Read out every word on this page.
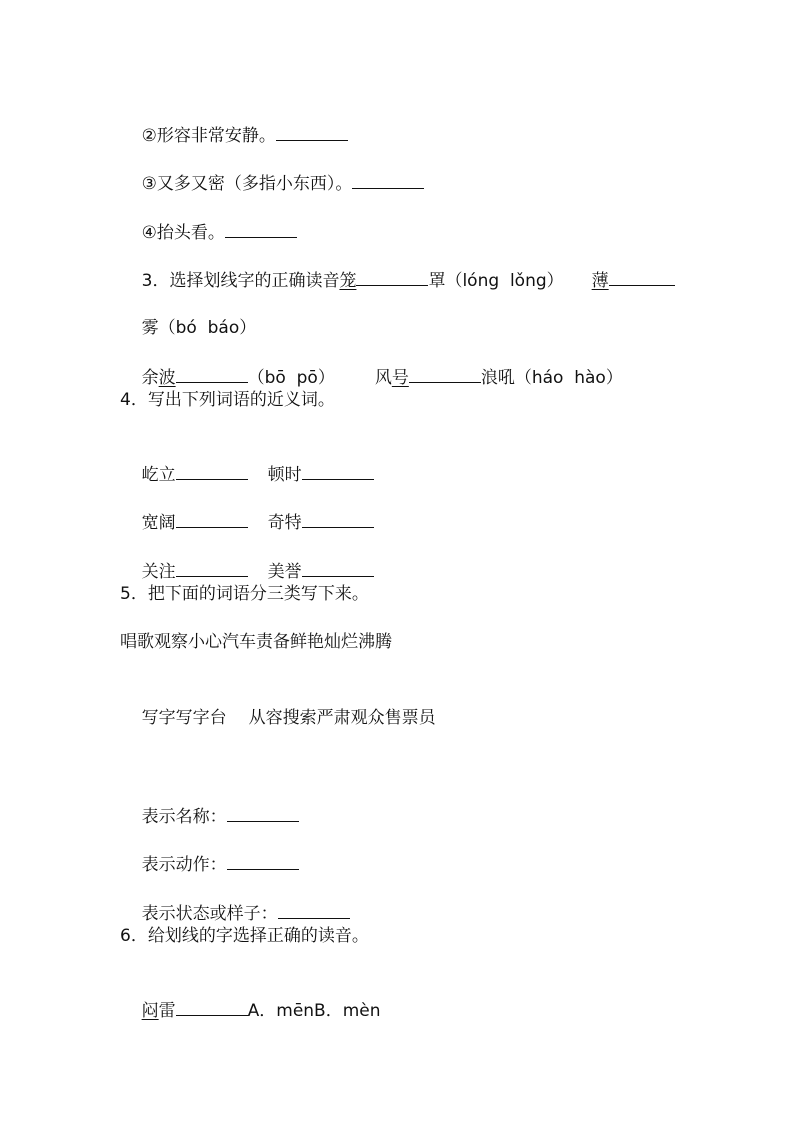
②形容非常安静。

③又多又密（多指小东西）。

④抬头看。

3．选择划线字的正确读音笼	罩（lóng  lǒng） 薄

雾（bó  báo）

余波	（bō  pō） 风号	浪吼（háo  hào）

4．写出下列词语的近义词。

屹立	顿时

宽阔	奇特

关注	美誉

5．把下面的词语分三类写下来。
唱歌观察小心汽车责备鲜艳灿烂沸腾

写字写字台 从容搜索严肃观众售票员

表示名称：

表示动作：

表示状态或样子：

6．给划线的字选择正确的读音。

闷雷	A．mēnB．mèn
